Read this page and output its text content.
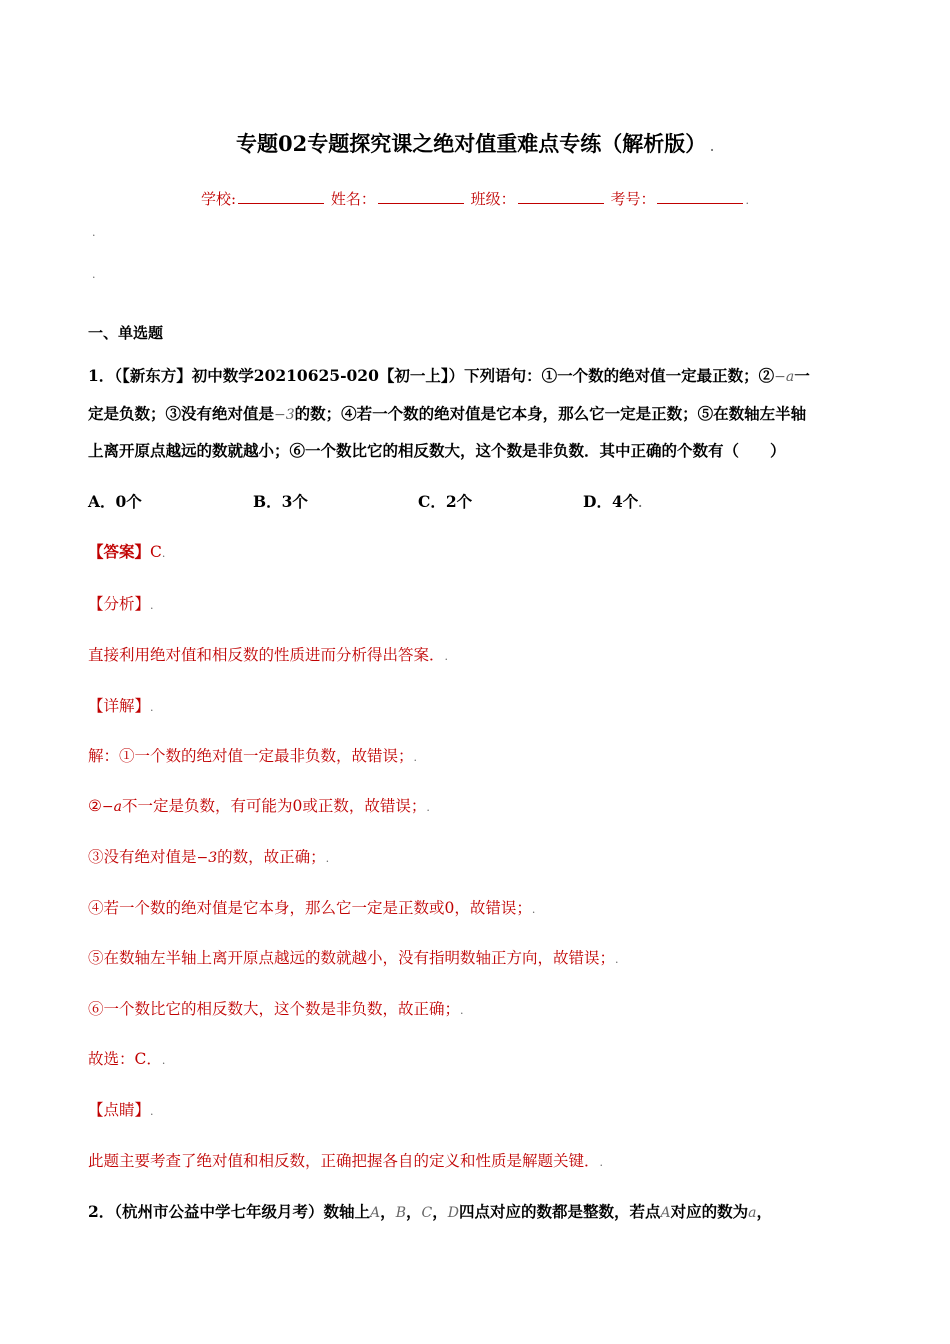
专题02专题探究课之绝对值重难点专练（解析版） .
学校:	姓名：	班级：	考号：	.
.
.
一、单选题
1．（【新东方】初中数学20210625-020【初一上】）下列语句：①一个数的绝对值一定最正数；②−a一
定是负数；③没有绝对值是−3的数；④若一个数的绝对值是它本身，那么它一定是正数；⑤在数轴左半轴
上离开原点越远的数就越小；⑥一个数比它的相反数大，这个数是非负数．其中正确的个数有（　　）
A．0个	B．3个	C．2个	D．4个.
【答案】C.
【分析】.
直接利用绝对值和相反数的性质进而分析得出答案．.
【详解】.
解：①一个数的绝对值一定最非负数，故错误；.
②−a不一定是负数，有可能为0或正数，故错误；.
③没有绝对值是−3的数，故正确；.
④若一个数的绝对值是它本身，那么它一定是正数或0，故错误；.
⑤在数轴左半轴上离开原点越远的数就越小，没有指明数轴正方向，故错误；.
⑥一个数比它的相反数大，这个数是非负数，故正确；.
故选：C．.
【点睛】.
此题主要考查了绝对值和相反数，正确把握各自的定义和性质是解题关键．.
2．（杭州市公益中学七年级月考）数轴上A，B，C，D四点对应的数都是整数，若点A对应的数为a，
